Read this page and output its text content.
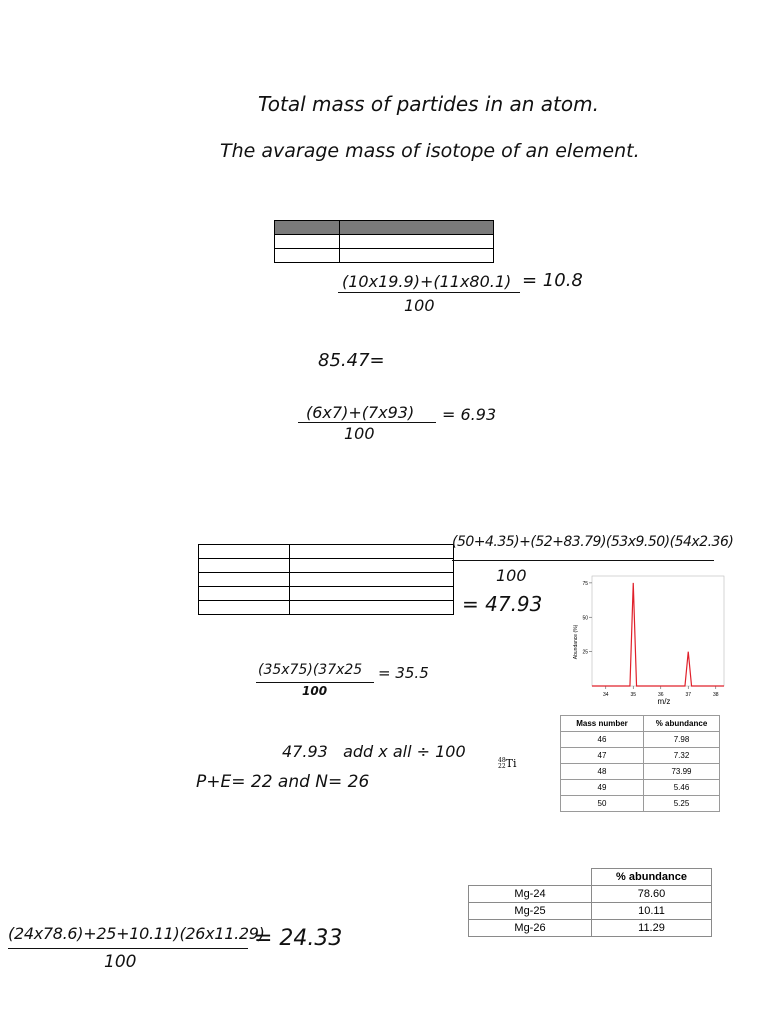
Total mass of partides in an atom.
The avarage mass of isotope of an element.

(10x19.9)+(11x80.1)
100
= 10.8
85.47=
(6x7)+(7x93)
100
= 6.93

(50+4.35)+(52+83.79)(53x9.50)(54x2.36)
100
= 47.93
25
50
75
34	35	36	37	38
Abundance (%)
m/z
(35x75)(37x25
100
= 35.5
Mass number	% abundance
46	7.98
47	7.32
48	73.99
49	5.46
50	5.25
47.93   add x all ÷ 100
P+E= 22 and N= 26
48
22Ti
	% abundance
Mg-24	78.60
Mg-25	10.11
Mg-26	11.29
(24x78.6)+25+10.11)(26x11.29)
100
= 24.33
